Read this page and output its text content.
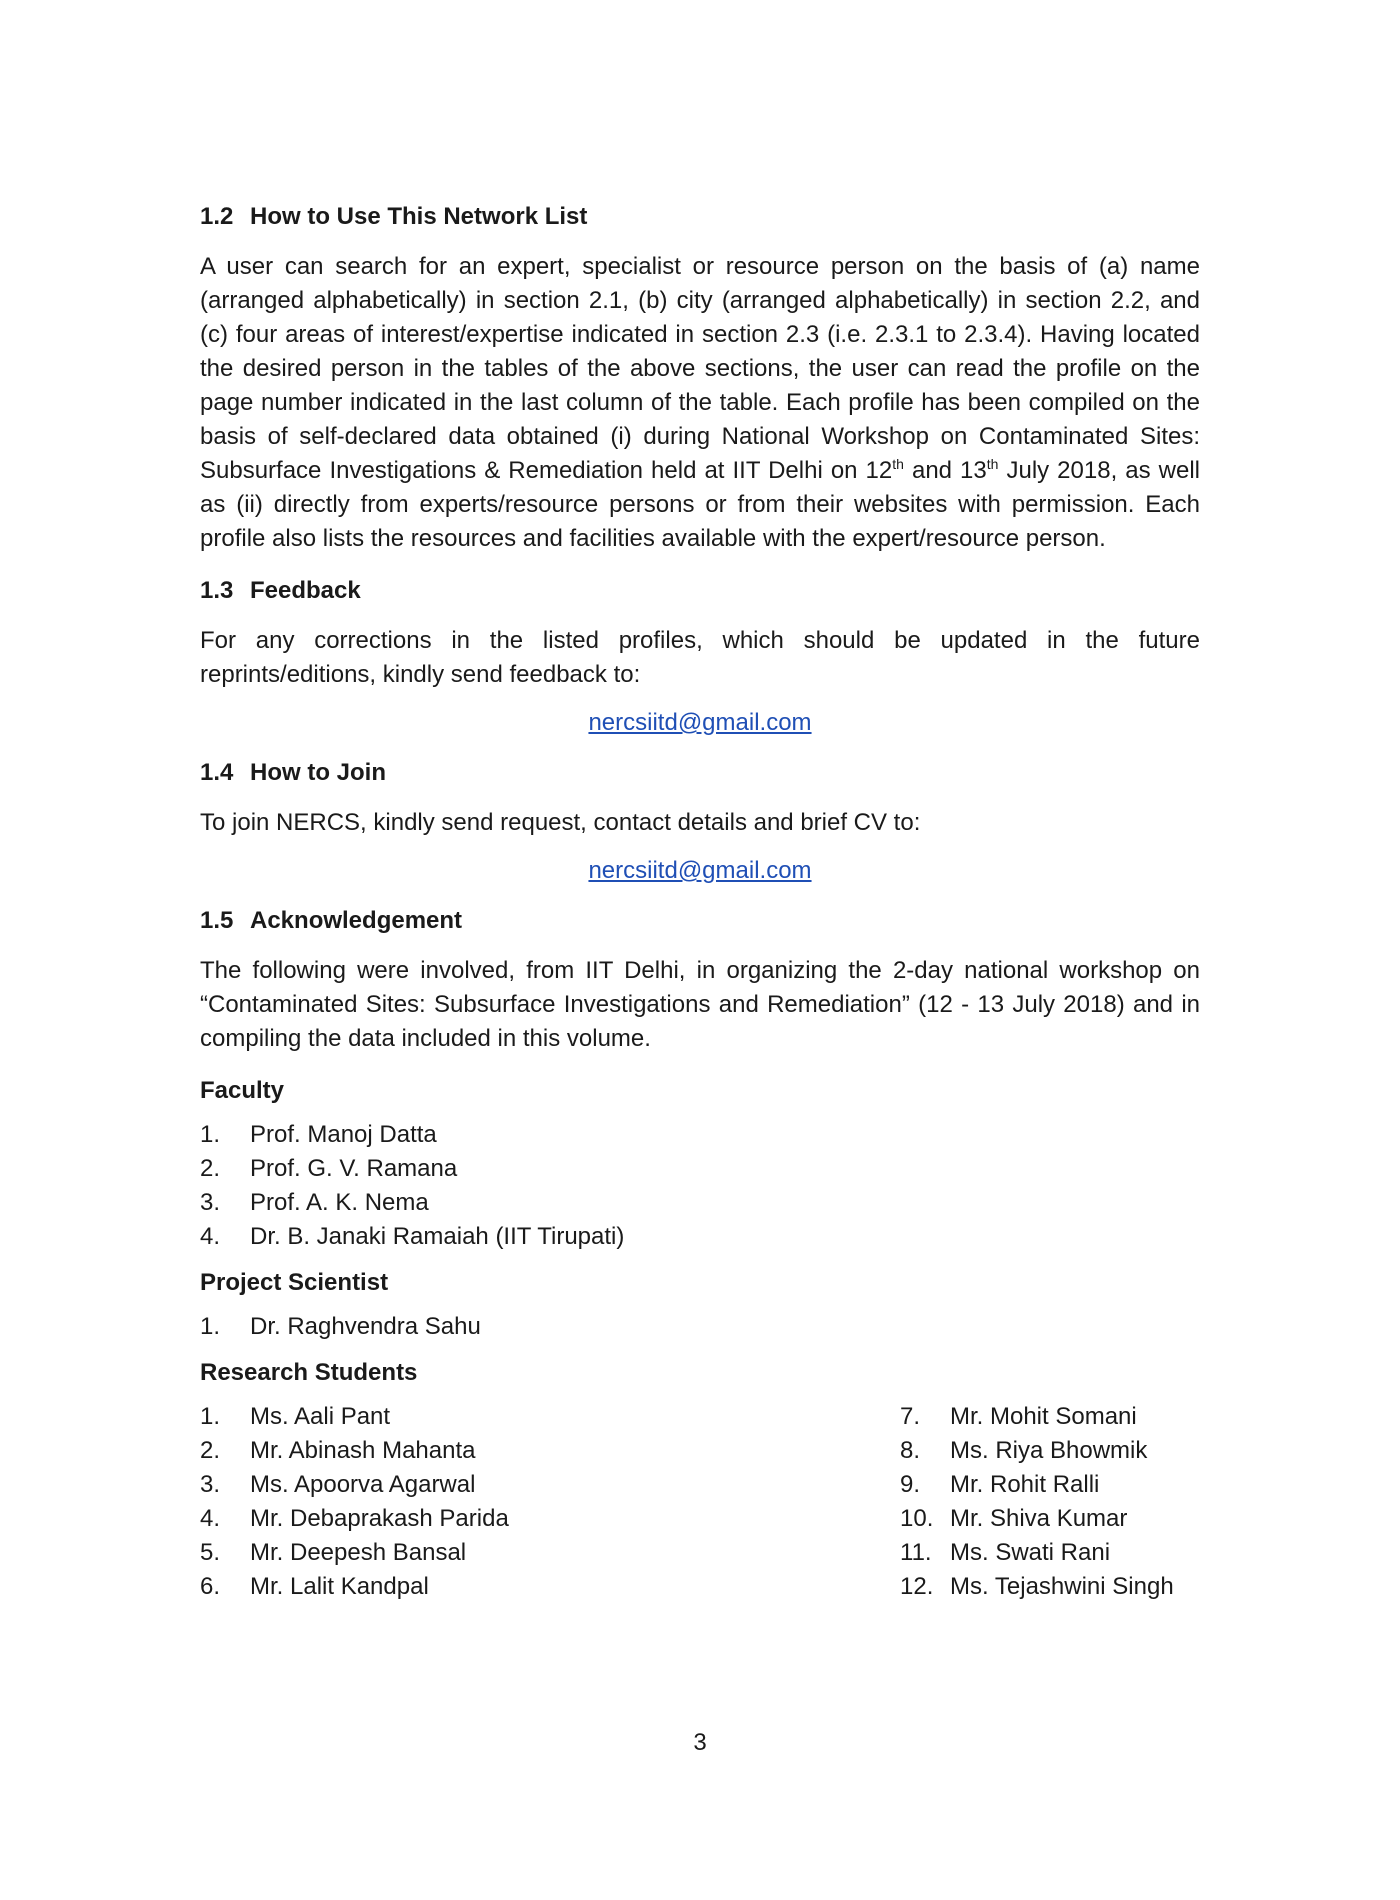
1.2 How to Use This Network List

A user can search for an expert, specialist or resource person on the basis of (a) name (arranged alphabetically) in section 2.1, (b) city (arranged alphabetically) in section 2.2, and (c) four areas of interest/expertise indicated in section 2.3 (i.e. 2.3.1 to 2.3.4). Having located the desired person in the tables of the above sections, the user can read the profile on the page number indicated in the last column of the table. Each profile has been compiled on the basis of self-declared data obtained (i) during National Workshop on Contaminated Sites: Subsurface Investigations & Remediation held at IIT Delhi on 12th and 13th July 2018, as well as (ii) directly from experts/resource persons or from their websites with permission. Each profile also lists the resources and facilities available with the expert/resource person.

1.3 Feedback

For any corrections in the listed profiles, which should be updated in the future reprints/editions, kindly send feedback to:

nercsiitd@gmail.com
1.4 How to Join

To join NERCS, kindly send request, contact details and brief CV to:

nercsiitd@gmail.com
1.5 Acknowledgement

The following were involved, from IIT Delhi, in organizing the 2-day national workshop on “Contaminated Sites: Subsurface Investigations and Remediation” (12 - 13 July 2018) and in compiling the data included in this volume.

Faculty
1.	Prof. Manoj Datta
2.	Prof. G. V. Ramana
3.	Prof. A. K. Nema
4.	Dr. B. Janaki Ramaiah (IIT Tirupati)
Project Scientist
1.	Dr. Raghvendra Sahu
Research Students
1.	Ms. Aali Pant
2.	Mr. Abinash Mahanta
3.	Ms. Apoorva Agarwal
4.	Mr. Debaprakash Parida
5.	Mr. Deepesh Bansal
6.	Mr. Lalit Kandpal
7.	Mr. Mohit Somani
8.	Ms. Riya Bhowmik
9.	Mr. Rohit Ralli
10. Mr. Shiva Kumar
11. Ms. Swati Rani
12. Ms. Tejashwini Singh
3
